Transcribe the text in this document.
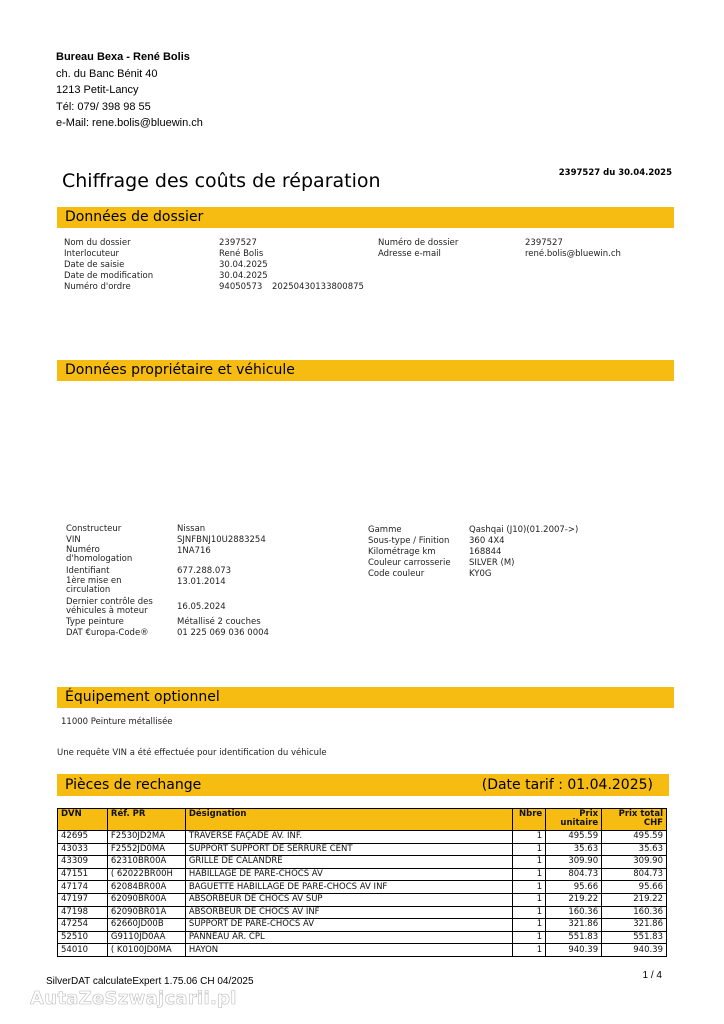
Bureau Bexa - René Bolis
ch. du Banc Bénit 40
1213 Petit-Lancy
Tél: 079/ 398 98 55
e-Mail: rene.bolis@bluewin.ch
Chiffrage des coûts de réparation	2397527 du 30.04.2025
Données de dossier
Nom du dossier	2397527
Interlocuteur	René Bolis
Date de saisie	30.04.2025
Date de modification	30.04.2025
Numéro d'ordre	94050573	20250430133800875
Numéro de dossier	2397527
Adresse e-mail	rené.bolis@bluewin.ch
Données propriétaire et véhicule
Constructeur	Nissan
VIN	SJNFBNJ10U2883254
Numéro d'homologation
1NA716
Identifiant	677.288.073
1ère mise en circulation
13.01.2014
Dernier contrôle des véhicules à moteur	16.05.2024
Type peinture	Métallisé 2 couches
DAT €uropa-Code®	01 225 069 036 0004
Gamme	Qashqai (J10)(01.2007->)
Sous-type / Finition	360 4X4
Kilométrage km	168844
Couleur carrosserie	SILVER (M)
Code couleur	KY0G
Équipement optionnel
11000 Peinture métallisée
Une requête VIN a été effectuée pour identification du véhicule
Pièces de rechange	(Date tarif : 01.04.2025)
DVN	Réf. PR	Désignation	Nbre	Prix unitaire	Prix total CHF
42695	F2530JD2MA	TRAVERSE FAÇADE AV. INF.	1	495.59	495.59
43033	F2552JD0MA	SUPPORT SUPPORT DE SERRURE CENT	1	35.63	35.63
43309	62310BR00A	GRILLE DE CALANDRE	1	309.90	309.90
47151	( 62022BR00H	HABILLAGE DE PARE-CHOCS AV	1	804.73	804.73
47174	62084BR00A	BAGUETTE HABILLAGE DE PARE-CHOCS AV INF	1	95.66	95.66
47197	62090BR00A	ABSORBEUR DE CHOCS AV SUP	1	219.22	219.22
47198	62090BR01A	ABSORBEUR DE CHOCS AV INF	1	160.36	160.36
47254	62660JD00B	SUPPORT DE PARE-CHOCS AV	1	321.86	321.86
52510	G9110JD0AA	PANNEAU AR. CPL	1	551.83	551.83
54010	( K0100JD0MA	HAYON	1	940.39	940.39
SilverDAT calculateExpert 1.75.06 CH 04/2025
1 / 4
AutaZeSzwajcarii.pl
